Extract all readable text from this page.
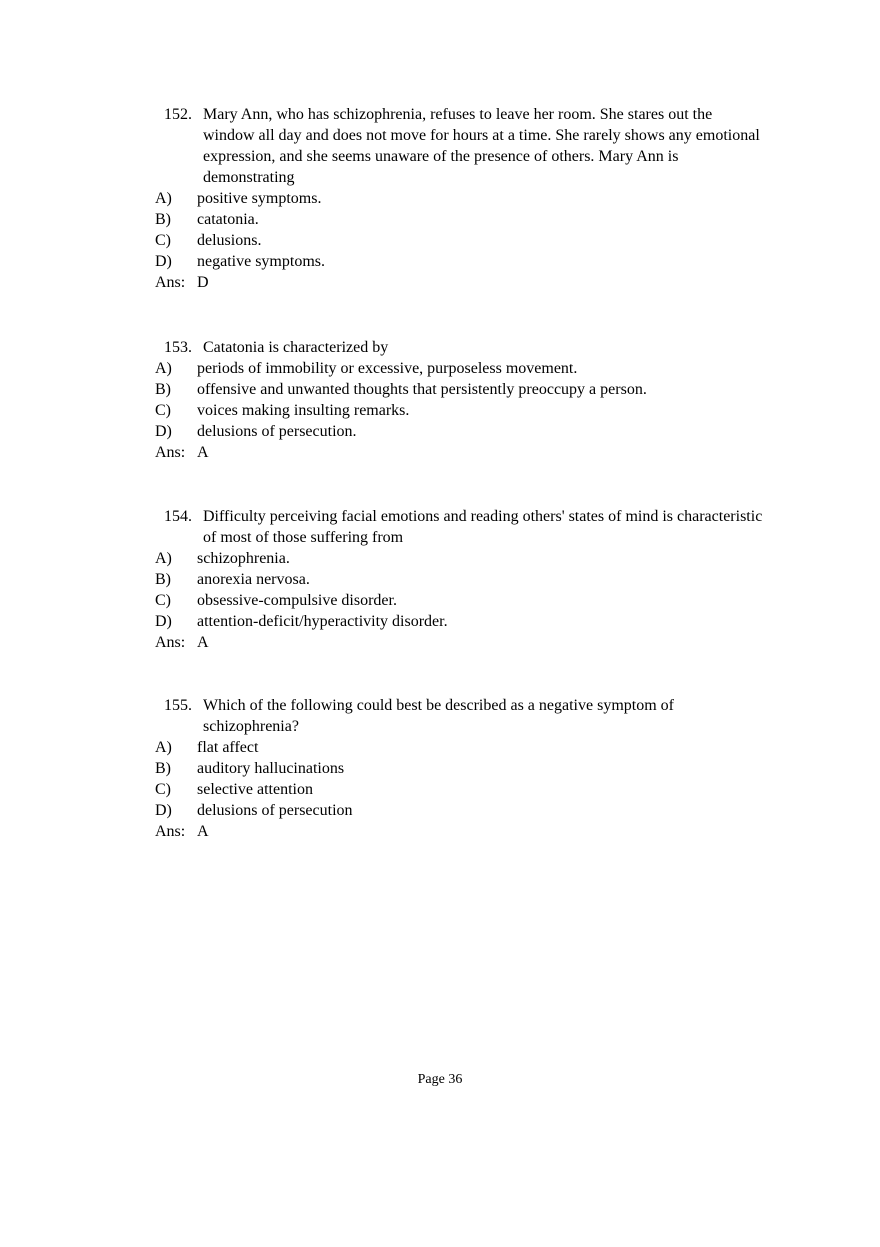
152. Mary Ann, who has schizophrenia, refuses to leave her room. She stares out the window all day and does not move for hours at a time. She rarely shows any emotional expression, and she seems unaware of the presence of others. Mary Ann is demonstrating
A) positive symptoms.
B) catatonia.
C) delusions.
D) negative symptoms.
Ans: D
153. Catatonia is characterized by
A) periods of immobility or excessive, purposeless movement.
B) offensive and unwanted thoughts that persistently preoccupy a person.
C) voices making insulting remarks.
D) delusions of persecution.
Ans: A
154. Difficulty perceiving facial emotions and reading others' states of mind is characteristic of most of those suffering from
A) schizophrenia.
B) anorexia nervosa.
C) obsessive-compulsive disorder.
D) attention-deficit/hyperactivity disorder.
Ans: A
155. Which of the following could best be described as a negative symptom of schizophrenia?
A) flat affect
B) auditory hallucinations
C) selective attention
D) delusions of persecution
Ans: A
Page 36
